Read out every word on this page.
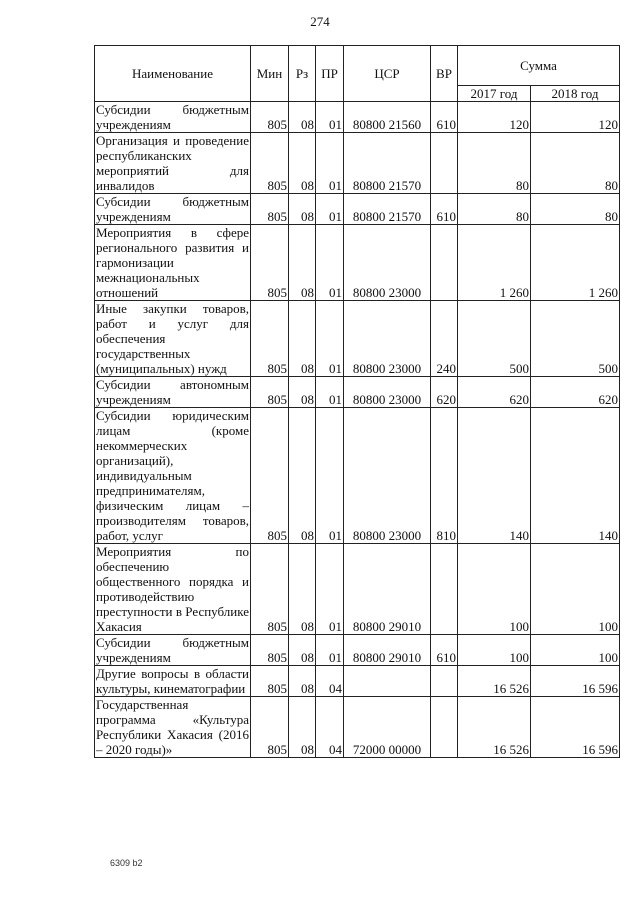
274
Наименование	Мин	Рз	ПР	ЦСР	ВР	Сумма	
						2017 год	2018 год
Субсидии бюджетным учреждениям	805	08	01	80800 21560	610	120	120
Организация и проведение республиканских мероприятий для инвалидов	805	08	01	80800 21570		80	80
Субсидии бюджетным учреждениям	805	08	01	80800 21570	610	80	80
Мероприятия в сфере регионального развития и гармонизации межнациональных отношений	805	08	01	80800 23000		1 260	1 260
Иные закупки товаров, работ и услуг для обеспечения государственных (муниципальных) нужд	805	08	01	80800 23000	240	500	500
Субсидии автономным учреждениям	805	08	01	80800 23000	620	620	620
Субсидии юридическим лицам (кроме некоммерческих организаций), индивидуальным предпринимателям, физическим лицам – производителям товаров, работ, услуг	805	08	01	80800 23000	810	140	140
Мероприятия по обеспечению общественного порядка и противодействию преступности в Республике Хакасия	805	08	01	80800 29010		100	100
Субсидии бюджетным учреждениям	805	08	01	80800 29010	610	100	100
Другие вопросы в области культуры, кинематографии	805	08	04			16 526	16 596
Государственная программа «Культура Республики Хакасия (2016 – 2020 годы)»	805	08	04	72000 00000		16 526	16 596
6309 b2
